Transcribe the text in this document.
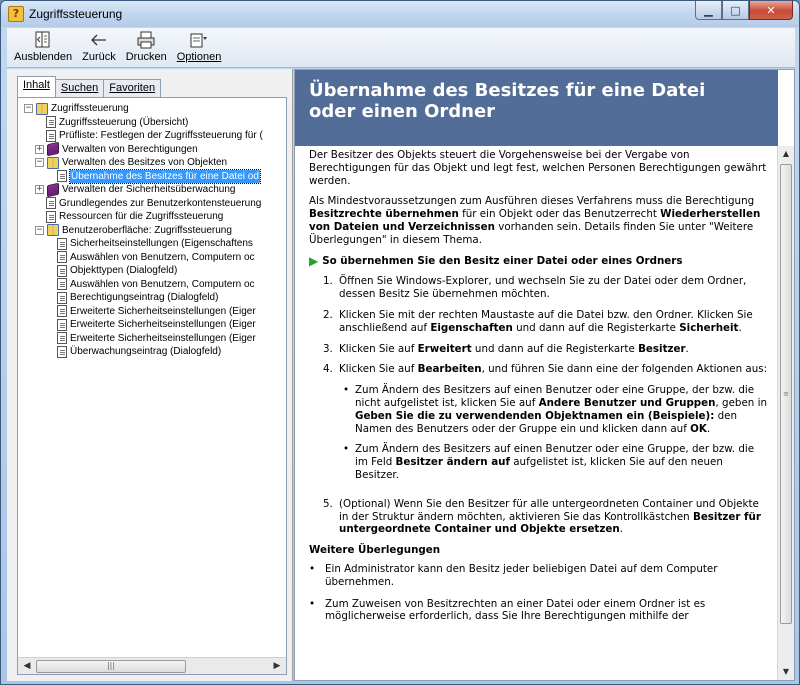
? Zugriffssteuerung	▁ □ ✕
Ausblenden Zurück Drucken Optionen
Inhalt	Suchen	Favoriten
− Zugriffssteuerung
Zugriffssteuerung (Übersicht)
Prüfliste: Festlegen der Zugriffssteuerung für (
+ Verwalten von Berechtigungen
− Verwalten des Besitzes von Objekten
Übernahme des Besitzes für eine Datei od
+ Verwalten der Sicherheitsüberwachung
Grundlegendes zur Benutzerkontensteuerung
Ressourcen für die Zugriffssteuerung
− Benutzeroberfläche: Zugriffssteuerung
Sicherheitseinstellungen (Eigenschaftens
Auswählen von Benutzern, Computern oc
Objekttypen (Dialogfeld)
Auswählen von Benutzern, Computern oc
Berechtigungseintrag (Dialogfeld)
Erweiterte Sicherheitseinstellungen (Eiger
Erweiterte Sicherheitseinstellungen (Eiger
Erweiterte Sicherheitseinstellungen (Eiger
Überwachungseintrag (Dialogfeld)
◀	|||	▶
Übernahme des Besitzes für eine Datei oder einen Ordner

Der Besitzer des Objekts steuert die Vorgehensweise bei der Vergabe von Berechtigungen für das Objekt und legt fest, welchen Personen Berechtigungen gewährt werden.

Als Mindestvoraussetzungen zum Ausführen dieses Verfahrens muss die Berechtigung Besitzrechte übernehmen für ein Objekt oder das Benutzerrecht Wiederherstellen von Dateien und Verzeichnissen vorhanden sein. Details finden Sie unter "Weitere Überlegungen" in diesem Thema.

▶ So übernehmen Sie den Besitz einer Datei oder eines Ordners
1. Öffnen Sie Windows-Explorer, und wechseln Sie zu der Datei oder dem Ordner, dessen Besitz Sie übernehmen möchten.
2. Klicken Sie mit der rechten Maustaste auf die Datei bzw. den Ordner. Klicken Sie anschließend auf Eigenschaften und dann auf die Registerkarte Sicherheit.
3. Klicken Sie auf Erweitert und dann auf die Registerkarte Besitzer.
4. Klicken Sie auf Bearbeiten, und führen Sie dann eine der folgenden Aktionen aus:
• Zum Ändern des Besitzers auf einen Benutzer oder eine Gruppe, der bzw. die nicht aufgelistet ist, klicken Sie auf Andere Benutzer und Gruppen, geben in Geben Sie die zu verwendenden Objektnamen ein (Beispiele): den Namen des Benutzers oder der Gruppe ein und klicken dann auf OK.
• Zum Ändern des Besitzers auf einen Benutzer oder eine Gruppe, der bzw. die im Feld Besitzer ändern auf aufgelistet ist, klicken Sie auf den neuen Besitzer.
5. (Optional) Wenn Sie den Besitzer für alle untergeordneten Container und Objekte in der Struktur ändern möchten, aktivieren Sie das Kontrollkästchen Besitzer für untergeordnete Container und Objekte ersetzen.
Weitere Überlegungen
• Ein Administrator kann den Besitz jeder beliebigen Datei auf dem Computer übernehmen.
• Zum Zuweisen von Besitzrechten an einer Datei oder einem Ordner ist es möglicherweise erforderlich, dass Sie Ihre Berechtigungen mithilfe der
▲
≡
▼
